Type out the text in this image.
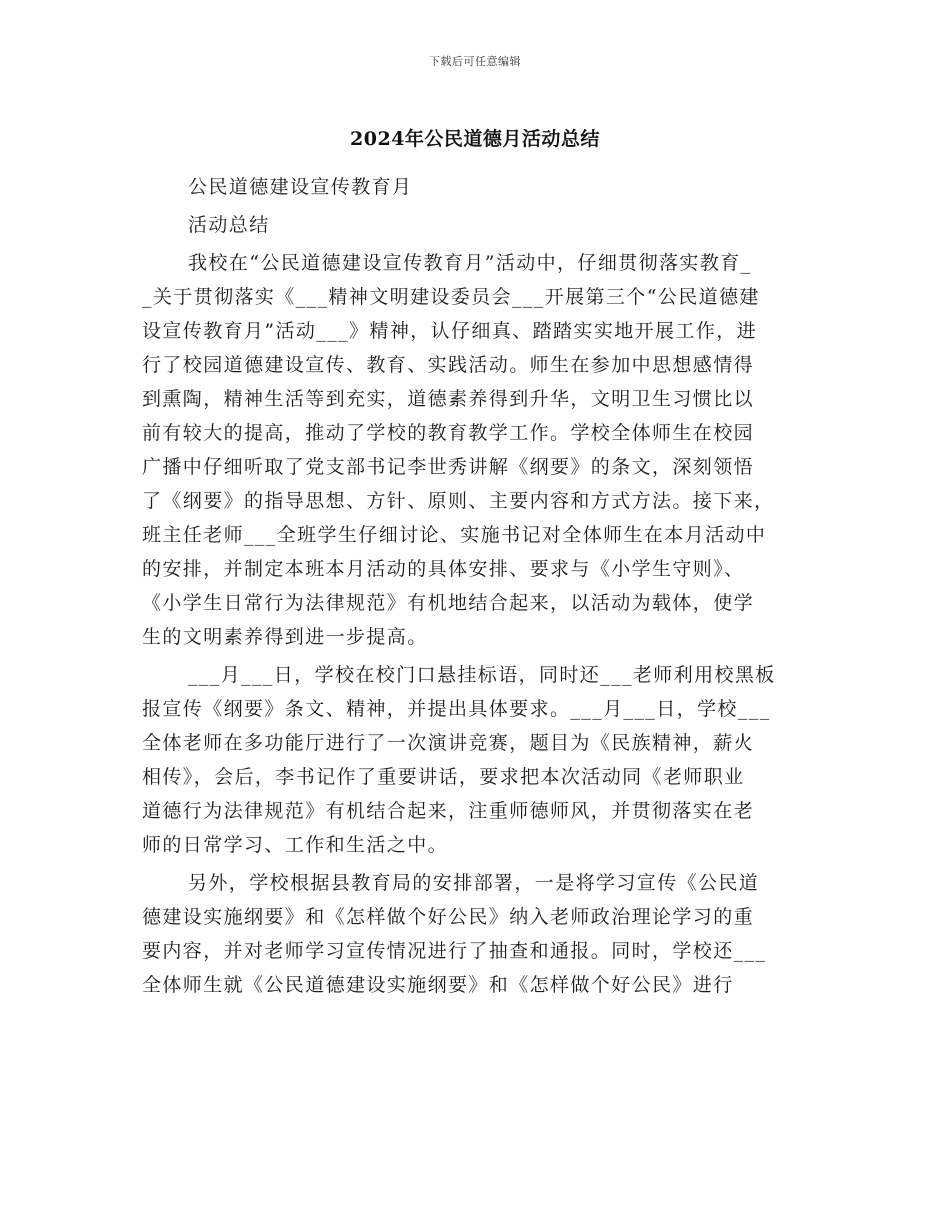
下载后可任意编辑
2024年公民道德月活动总结
公民道德建设宣传教育月
活动总结
我校在“公民道德建设宣传教育月”活动中，仔细贯彻落实教育_
_关于贯彻落实《___精神文明建设委员会___开展第三个“公民道德建
设宣传教育月”活动___》精神，认仔细真、踏踏实实地开展工作，进
行了校园道德建设宣传、教育、实践活动。师生在参加中思想感情得
到熏陶，精神生活等到充实，道德素养得到升华，文明卫生习惯比以
前有较大的提高，推动了学校的教育教学工作。学校全体师生在校园
广播中仔细听取了党支部书记李世秀讲解《纲要》的条文，深刻领悟
了《纲要》的指导思想、方针、原则、主要内容和方式方法。接下来，
班主任老师___全班学生仔细讨论、实施书记对全体师生在本月活动中
的安排，并制定本班本月活动的具体安排、要求与《小学生守则》、
《小学生日常行为法律规范》有机地结合起来，以活动为载体，使学
生的文明素养得到进一步提高。
___月___日，学校在校门口悬挂标语，同时还___老师利用校黑板
报宣传《纲要》条文、精神，并提出具体要求。___月___日，学校___
全体老师在多功能厅进行了一次演讲竞赛，题目为《民族精神，薪火
相传》，会后，李书记作了重要讲话，要求把本次活动同《老师职业
道德行为法律规范》有机结合起来，注重师德师风，并贯彻落实在老
师的日常学习、工作和生活之中。
另外，学校根据县教育局的安排部署，一是将学习宣传《公民道
德建设实施纲要》和《怎样做个好公民》纳入老师政治理论学习的重
要内容，并对老师学习宣传情况进行了抽查和通报。同时，学校还___
全体师生就《公民道德建设实施纲要》和《怎样做个好公民》进行
